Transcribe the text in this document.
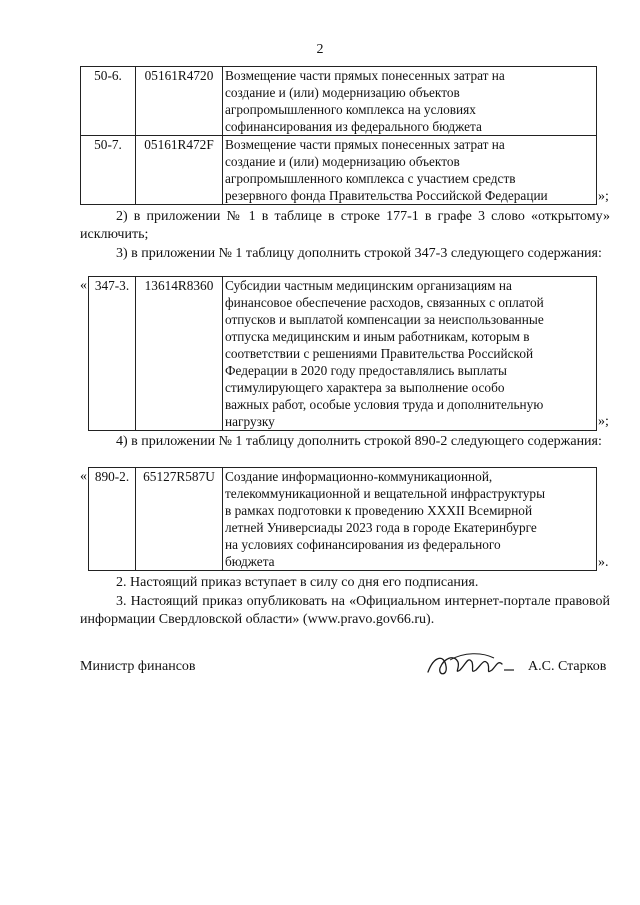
2
50-6.	05161R4720	Возмещение части прямых понесенных затрат на
создание и (или) модернизацию объектов
агропромышленного комплекса на условиях
софинансирования из федерального бюджета

50-7.	05161R472F	Возмещение части прямых понесенных затрат на
создание и (или) модернизацию объектов
агропромышленного комплекса с участием средств
резервного фонда Правительства Российской Федерации	»;
2) в приложении № 1 в таблице в строке 177-1 в графе 3 слово «открытому» исключить;
3) в приложении № 1 таблицу дополнить строкой 347-3 следующего содержания:
« 347-3.	13614R8360	Субсидии частным медицинским организациям на
финансовое обеспечение расходов, связанных с оплатой
отпусков и выплатой компенсации за неиспользованные
отпуска медицинским и иным работникам, которым в
соответствии с решениями Правительства Российской
Федерации в 2020 году предоставлялись выплаты
стимулирующего характера за выполнение особо
важных работ, особые условия труда и дополнительную
нагрузку	»;
4) в приложении № 1 таблицу дополнить строкой 890-2 следующего содержания:
« 890-2.	65127R587U	Создание информационно-коммуникационной,
телекоммуникационной и вещательной инфраструктуры
в рамках подготовки к проведению XXXII Всемирной
летней Универсиады 2023 года в городе Екатеринбурге
на условиях софинансирования из федерального
бюджета	».
2. Настоящий приказ вступает в силу со дня его подписания.
3. Настоящий приказ опубликовать на «Официальном интернет-портале правовой информации Свердловской области» (www.pravo.gov66.ru).
Министр финансов	А.С. Старков
